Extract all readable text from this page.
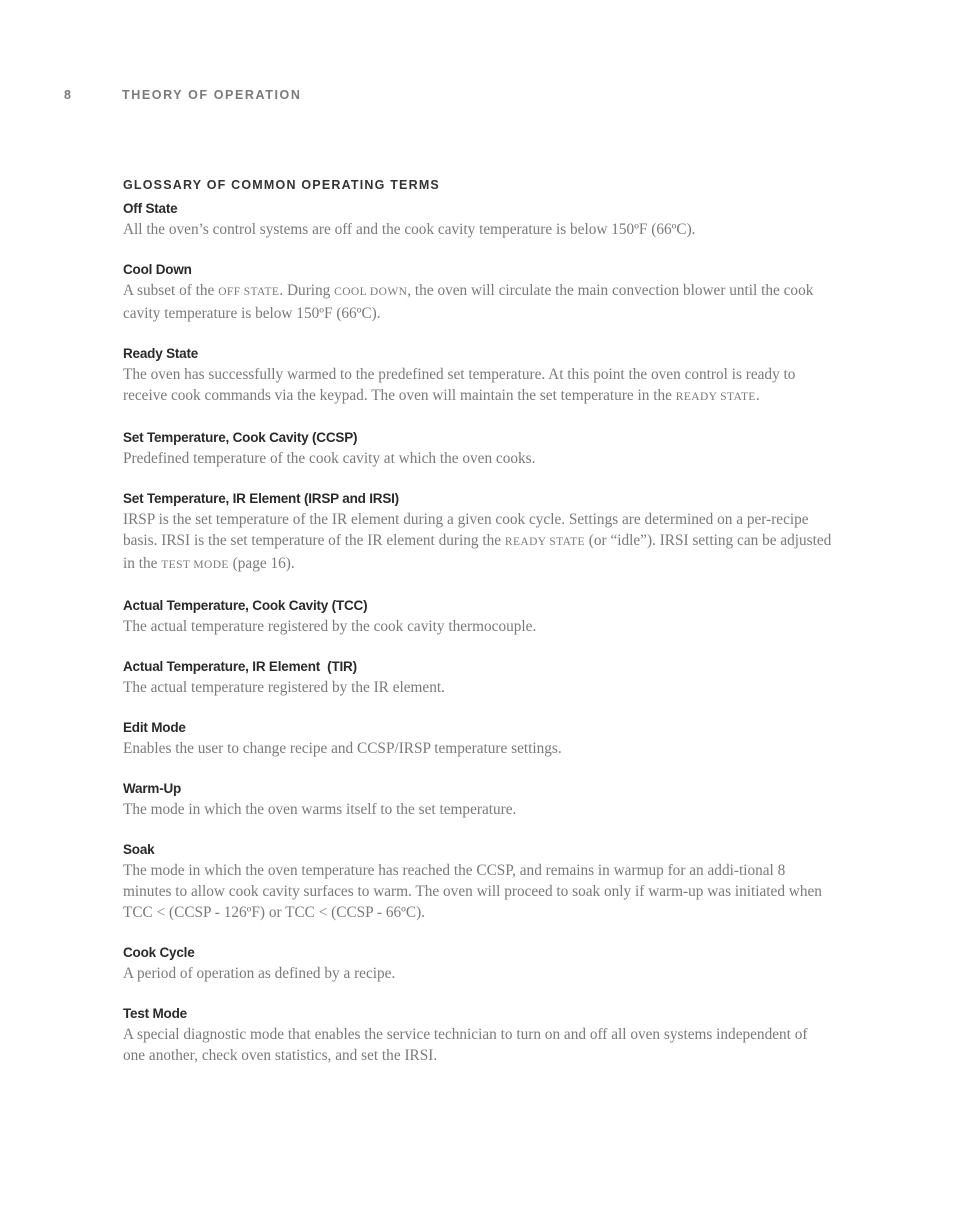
8	THEORY OF OPERATION
GLOSSARY OF COMMON OPERATING TERMS
Off State

All the oven’s control systems are off and the cook cavity temperature is below 150ºF (66ºC).

Cool Down

A subset of the OFF STATE. During COOL DOWN, the oven will circulate the main convection blower until the cook cavity temperature is below 150ºF (66ºC).

Ready State

The oven has successfully warmed to the predefined set temperature. At this point the oven control is ready to receive cook commands via the keypad. The oven will maintain the set temperature in the READY STATE.

Set Temperature, Cook Cavity (CCSP)

Predefined temperature of the cook cavity at which the oven cooks.

Set Temperature, IR Element (IRSP and IRSI)

IRSP is the set temperature of the IR element during a given cook cycle. Settings are determined on a per-recipe basis. IRSI is the set temperature of the IR element during the READY STATE (or “idle”). IRSI setting can be adjusted in the TEST MODE (page 16).

Actual Temperature, Cook Cavity (TCC)

The actual temperature registered by the cook cavity thermocouple.

Actual Temperature, IR Element  (TIR)

The actual temperature registered by the IR element.

Edit Mode

Enables the user to change recipe and CCSP/IRSP temperature settings.

Warm-Up

The mode in which the oven warms itself to the set temperature.

Soak

The mode in which the oven temperature has reached the CCSP, and remains in warmup for an addi-tional 8 minutes to allow cook cavity surfaces to warm. The oven will proceed to soak only if warm-up was initiated when TCC < (CCSP - 126ºF) or TCC < (CCSP - 66ºC).

Cook Cycle

A period of operation as defined by a recipe.

Test Mode

A special diagnostic mode that enables the service technician to turn on and off all oven systems independent of one another, check oven statistics, and set the IRSI.
